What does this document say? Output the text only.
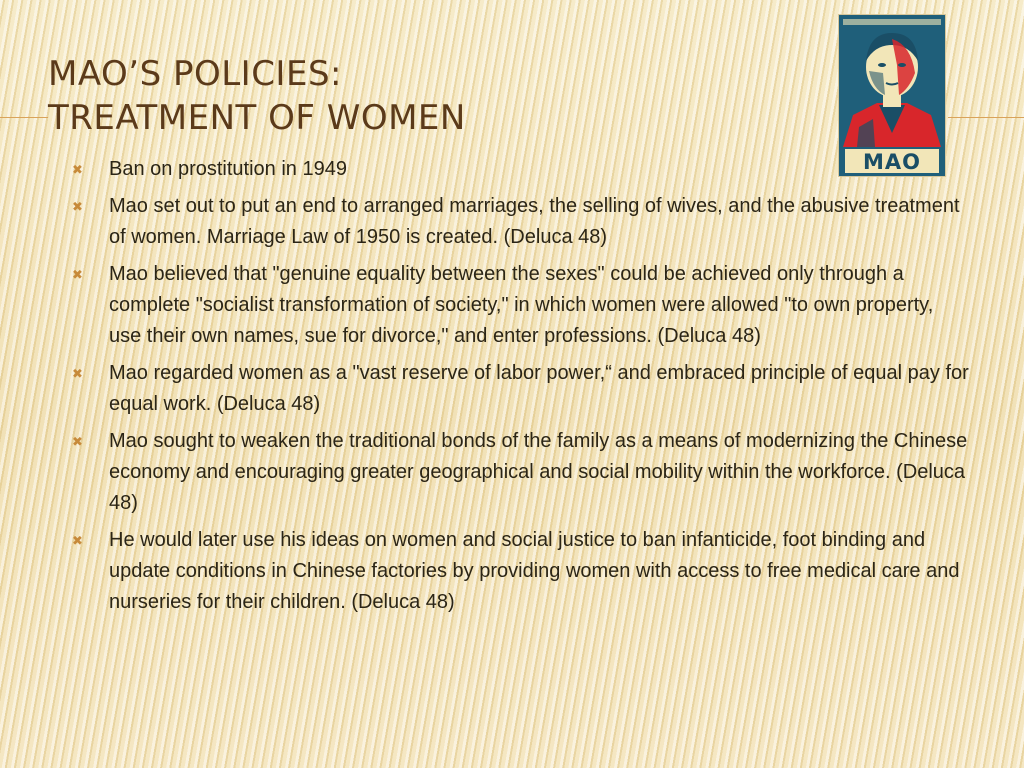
MAO’S POLICIES:
TREATMENT OF WOMEN
MAO
✖ Ban on prostitution in 1949
✖ Mao set out to put an end to arranged marriages, the selling of wives, and the abusive treatment of women. Marriage Law of 1950 is created. (Deluca 48)
✖ Mao believed that "genuine equality between the sexes" could be achieved only through a complete "socialist transformation of society," in which women were allowed "to own property, use their own names, sue for divorce," and enter professions. (Deluca 48)
✖ Mao regarded women as a "vast reserve of labor power,“ and embraced principle of equal pay for equal work. (Deluca 48)
✖ Mao sought to weaken the traditional bonds of the family as a means of modernizing the Chinese economy and encouraging greater geographical and social mobility within the workforce. (Deluca 48)
✖ He would later use his ideas on women and social justice to ban infanticide, foot binding and update conditions in Chinese factories by providing women with access to free medical care and nurseries for their children. (Deluca 48)
